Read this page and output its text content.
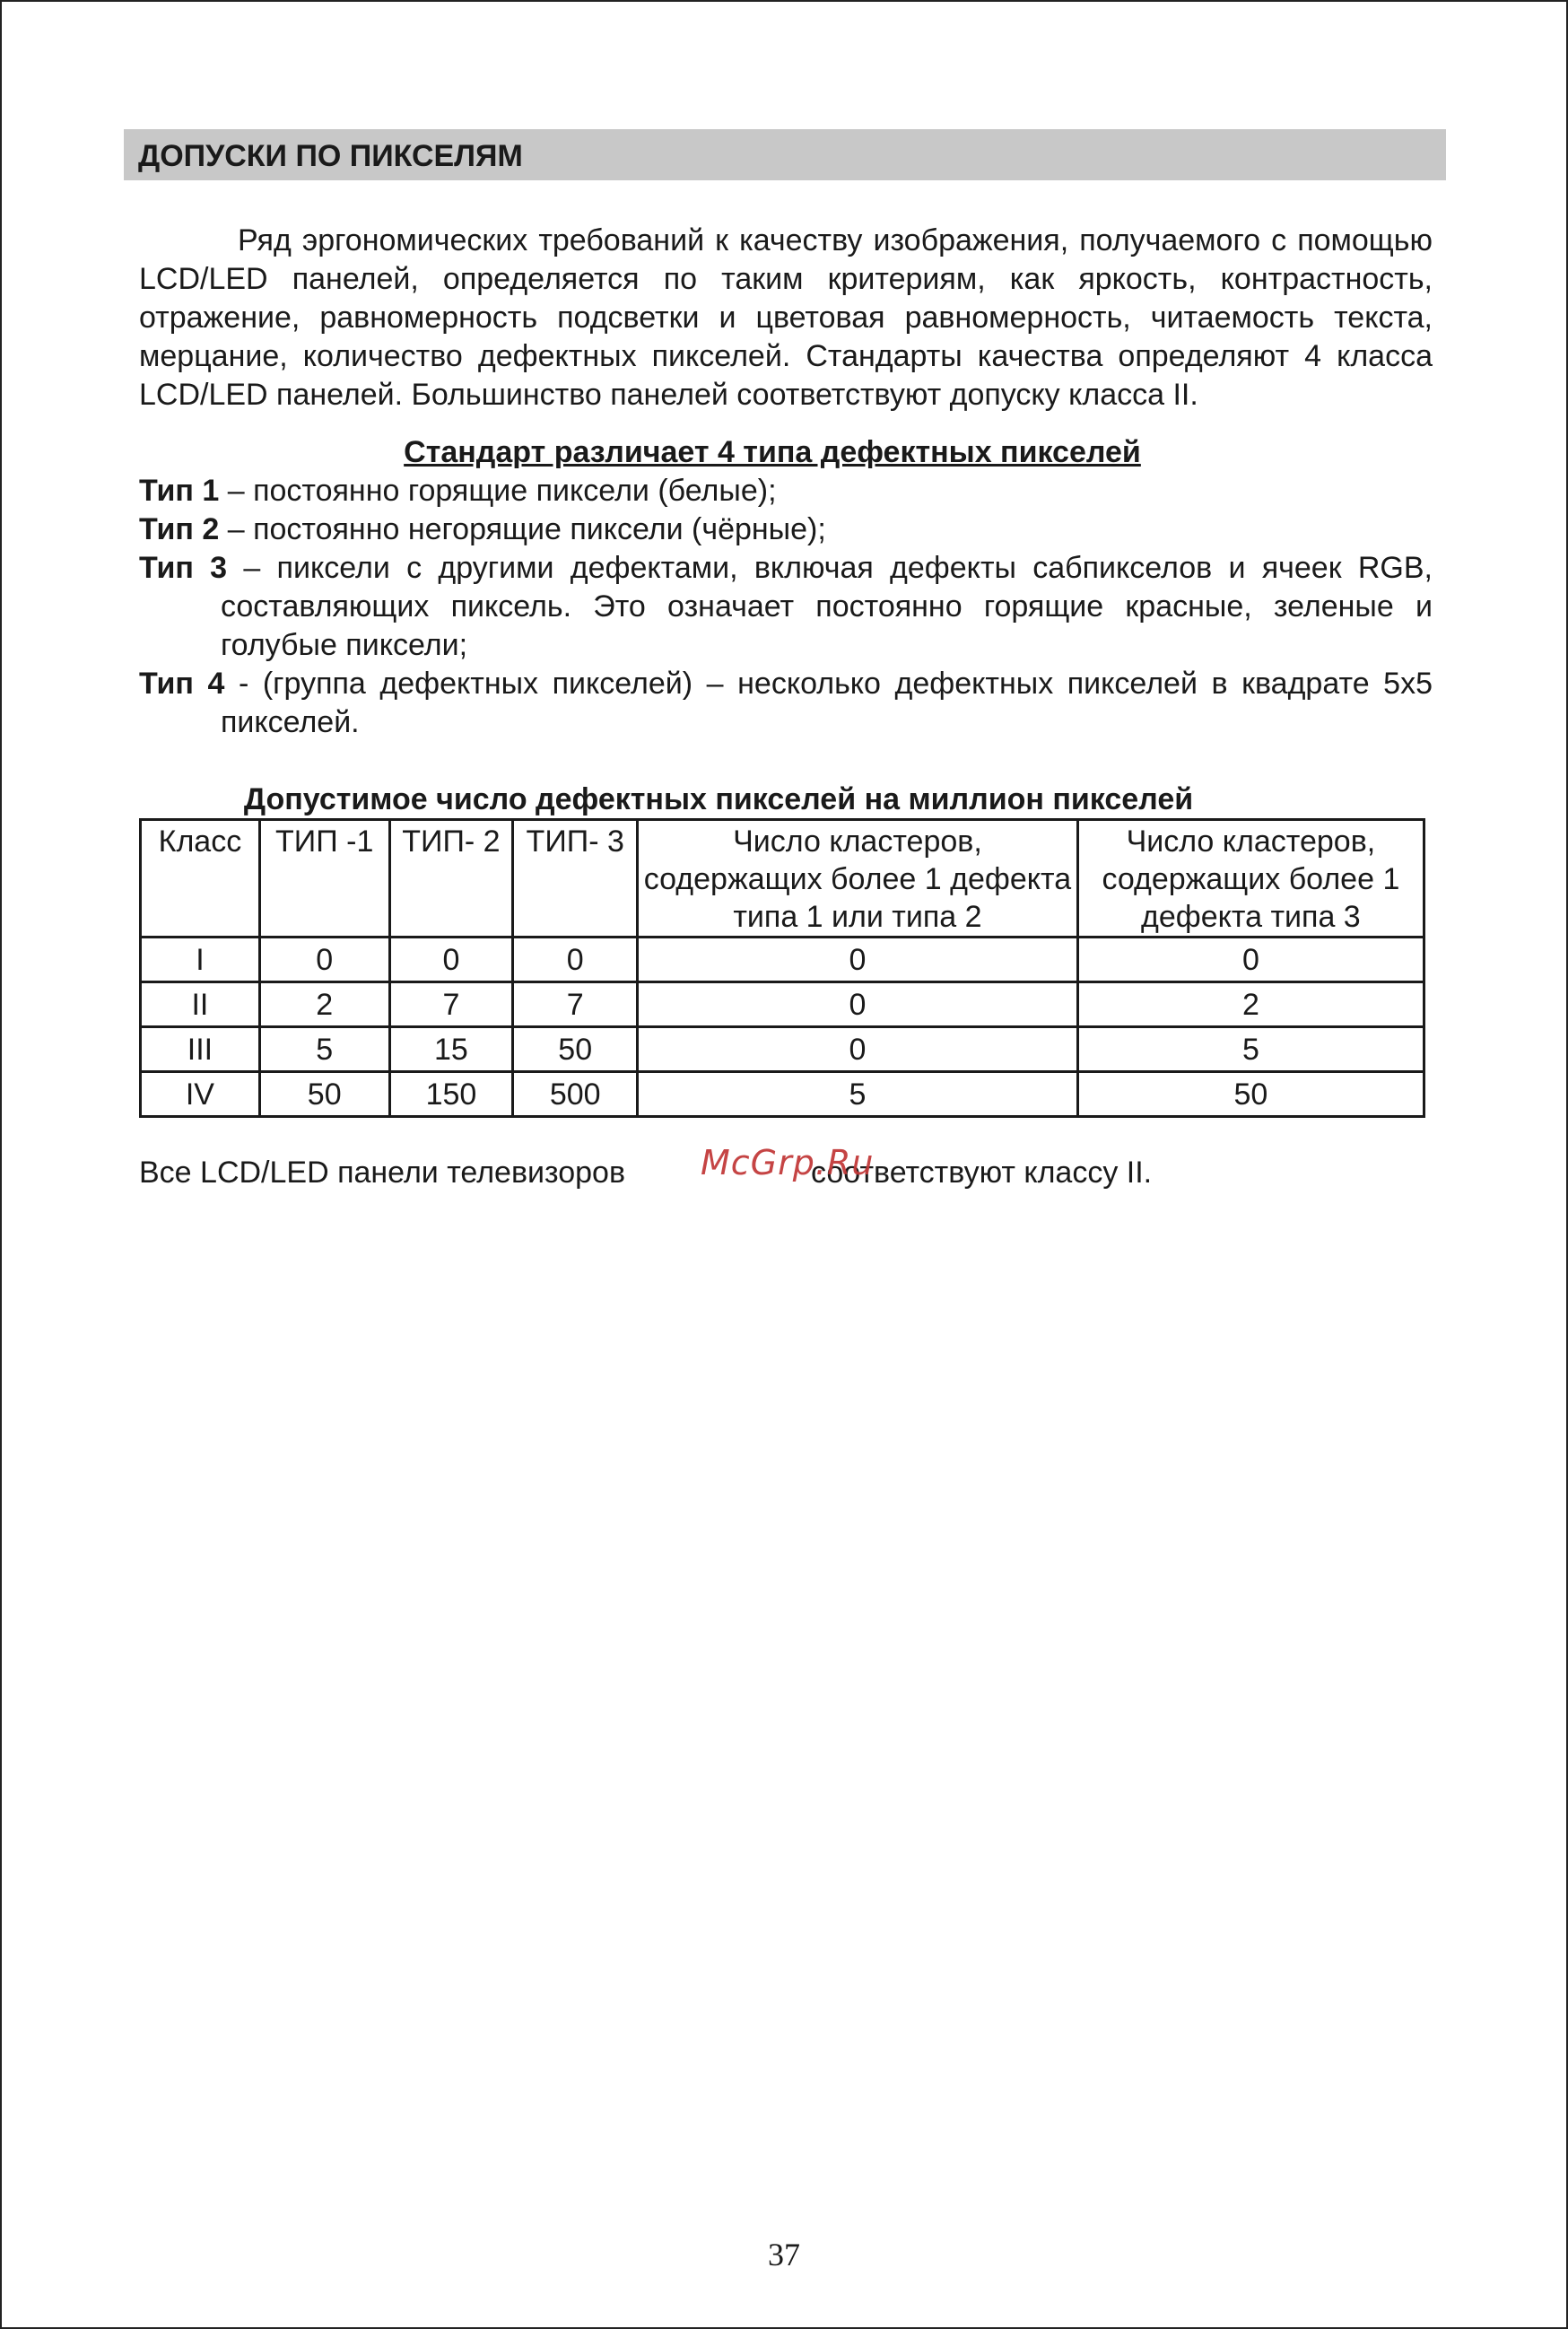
ДОПУСКИ ПО ПИКСЕЛЯМ

Ряд эргономических требований к качеству изображения, получаемого с помощью LCD/LED панелей, определяется по таким критериям, как яркость, контрастность, отражение, равномерность подсветки и цветовая равномерность, читаемость текста, мерцание, количество дефектных пикселей. Стандарты качества определяют 4 класса LCD/LED панелей. Большинство панелей соответствуют допуску класса II.

Стандарт различает 4 типа дефектных пикселей

Тип 1 – постоянно горящие пиксели (белые);
Тип 2 – постоянно негорящие пиксели (чёрные);
Тип 3 – пиксели с другими дефектами, включая дефекты сабпикселов и ячеек RGB, составляющих пиксель. Это означает постоянно горящие красные, зеленые и голубые пиксели;
Тип 4 - (группа дефектных пикселей) – несколько дефектных пикселей в квадрате 5х5 пикселей.

Допустимое число дефектных пикселей на миллион пикселей

Класс	ТИП -1	ТИП- 2	ТИП- 3	Число кластеров, содержащих более 1 дефекта типа 1 или типа 2	Число кластеров, содержащих более 1 дефекта типа 3
I	0	0	0	0	0
II	2	7	7	0	2
III	5	15	50	0	5
IV	50	150	500	5	50
Все LCD/LED панели телевизоров	соответствуют классу II.
McGrp.Ru
37
